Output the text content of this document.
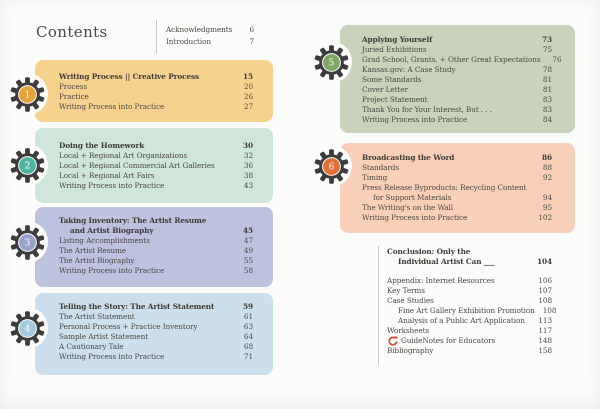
Contents	Acknowledgments	6
Introduction	7
Writing Process || Creative Process	15
Process	20
Practice	26
Writing Process into Practice	27
Doing the Homework	30
Local + Regional Art Organizations	32
Local + Regional Commercial Art Galleries	36
Local + Regional Art Fairs	38
Writing Process into Practice	43
Taking Inventory: The Artist Resume
and Artist Biography	45
Listing Accomplishments	47
The Artist Resume	49
The Artist Biography	55
Writing Process into Practice	58
Telling the Story: The Artist Statement	59
The Artist Statement	61
Personal Process + Practice Inventory	63
Sample Artist Statement	64
A Cautionary Tale	68
Writing Process into Practice	71
Applying Yourself	73
Juried Exhibitions	75
Grad School, Grants, + Other Great Expectations	76
Kansas.gov: A Case Study	78
Some Standards	81
Cover Letter	81
Project Statement	83
Thank You for Your Interest, But . . .	83
Writing Process into Practice	84
Broadcasting the Word	86
Standards	88
Timing	92
Press Release Byproducts: Recycling Content
for Support Materials	94
The Writing's on the Wall	95
Writing Process into Practice	102
1
2
3
4
5
6
Conclusion: Only the
Individual Artist Can ___	104
Appendix: Internet Resources	106
Key Terms	107
Case Studies	108
Fine Art Gallery Exhibition Promotion 108
Analysis of a Public Art Application 113
Worksheets	117
GuideNotes for Educators	148
Bibliography	158
